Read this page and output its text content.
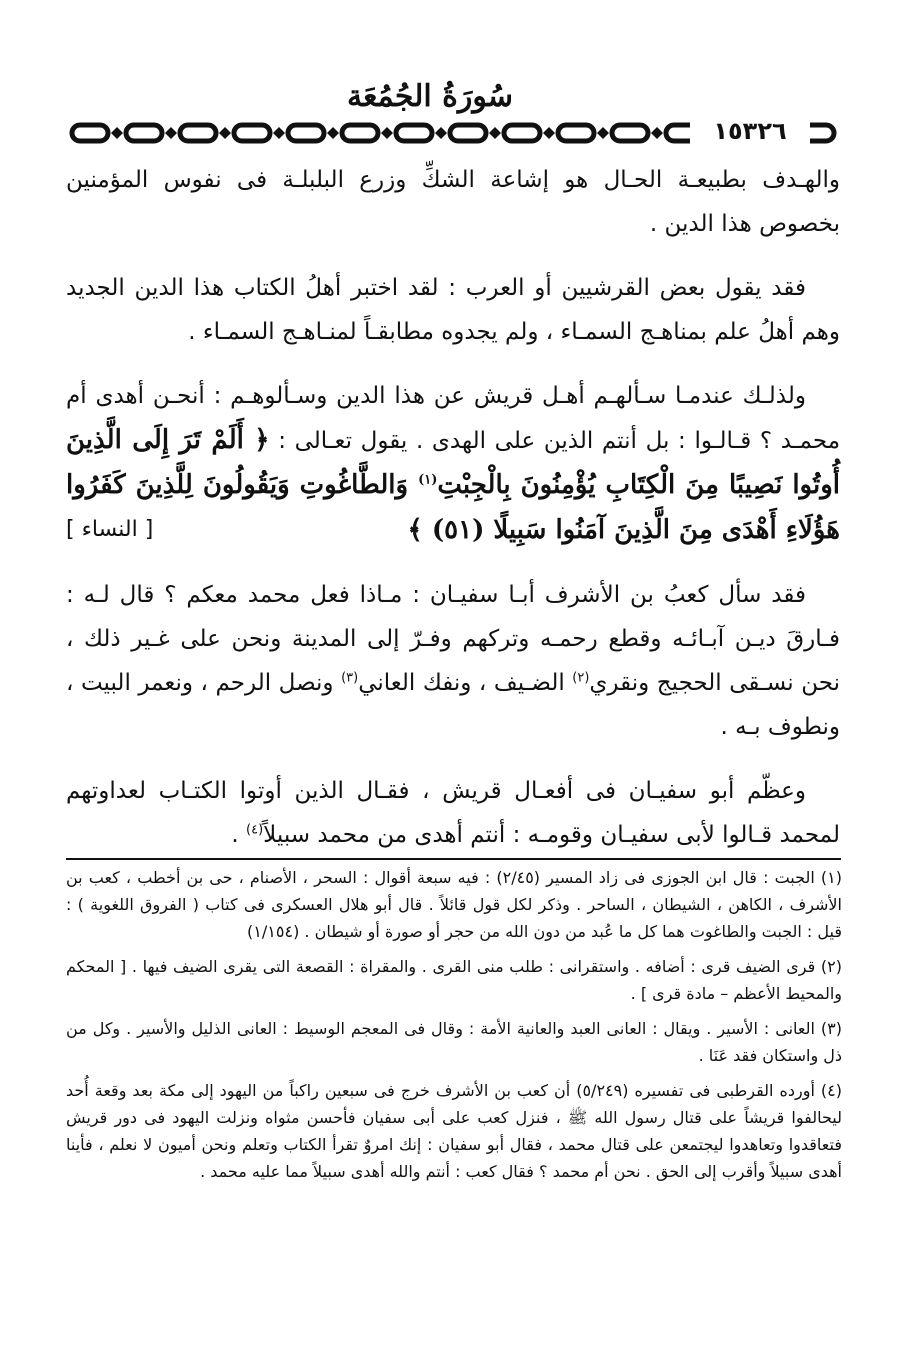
سُورَةُ الجُمُعَة
١٥٣٢٦

والهـدف بطبيعـة الحـال هو إشاعة الشكِّ وزرع البلبلـة فى نفوس المؤمنين بخصوص هذا الدين .

فقد يقول بعض القرشيين أو العرب : لقد اختبر أهلُ الكتاب هذا الدين الجديد وهم أهلُ علم بمناهـج السمـاء ، ولم يجدوه مطابقـاً لمنـاهـج السمـاء .

ولذلـك عندمـا سـألهـم أهـل قريش عن هذا الدين وسـألوهـم : أنحـن أهدى أم محمـد ؟ قـالـوا : بل أنتم الذين على الهدى . يقول تعـالى : ﴿ أَلَمْ تَرَ إِلَى الَّذِينَ أُوتُوا نَصِيبًا مِنَ الْكِتَابِ يُؤْمِنُونَ بِالْجِبْتِ$^{(١)}$ وَالطَّاغُوتِ وَيَقُولُونَ لِلَّذِينَ كَفَرُوا هَؤُلَاءِ أَهْدَى مِنَ الَّذِينَ آمَنُوا سَبِيلًا (٥١) ﴾
[ النساء ]

فقد سأل كعبُ بن الأشرف أبـا سفيـان : مـاذا فعل محمد معكم ؟ قال لـه : فـارقَ ديـن آبـائـه وقطع رحمـه وتركهم وفـرّ إلى المدينة ونحن على غـير ذلك ، نحن نسـقى الحجيج ونقري$^{(٢)}$ الضـيف ، ونفك العاني$^{(٣)}$ ونصل الرحم ، ونعمر البيت ، ونطوف بـه .

وعظّم أبو سفيـان فى أفعـال قريش ، فقـال الذين أوتوا الكتـاب لعداوتهم لمحمد قـالوا لأبى سفيـان وقومـه : أنتم أهدى من محمد سبيلاً$^{(٤)}$ .

(١) الجبت : قال ابن الجوزى فى زاد المسير (٢/٤٥) : فيه سبعة أقوال : السحر ، الأصنام ، حى بن أخطب ، كعب بن الأشرف ، الكاهن ، الشيطان ، الساحر . وذكر لكل قول قائلاً . قال أبو هلال العسكرى فى كتاب ( الفروق اللغوية ) : قيل : الجبت والطاغوت هما كل ما عُبد من دون الله من حجر أو صورة أو شيطان . (١/١٥٤)

(٢) قرى الضيف قرى : أضافه . واستقرانى : طلب منى القرى . والمقراة : القصعة التى يقرى الضيف فيها . [ المحكم والمحيط الأعظم – مادة قرى ] .

(٣) العانى : الأسير . ويقال : العانى العبد والعانية الأمة : وقال فى المعجم الوسيط : العانى الذليل والأسير . وكل من ذل واستكان فقد عَنَا .

(٤) أورده القرطبى فى تفسيره (٥/٢٤٩) أن كعب بن الأشرف خرج فى سبعين راكباً من اليهود إلى مكة بعد وقعة أُحد ليحالفوا قريشاً على قتال رسول الله ﷺ ، فنزل كعب على أبى سفيان فأحسن مثواه ونزلت اليهود فى دور قريش فتعاقدوا وتعاهدوا ليجتمعن على قتال محمد ، فقال أبو سفيان : إنك امروٌ تقرأ الكتاب وتعلم ونحن أميون لا نعلم ، فأينا أهدى سبيلاً وأقرب إلى الحق . نحن أم محمد ؟ فقال كعب : أنتم والله أهدى سبيلاً مما عليه محمد .
